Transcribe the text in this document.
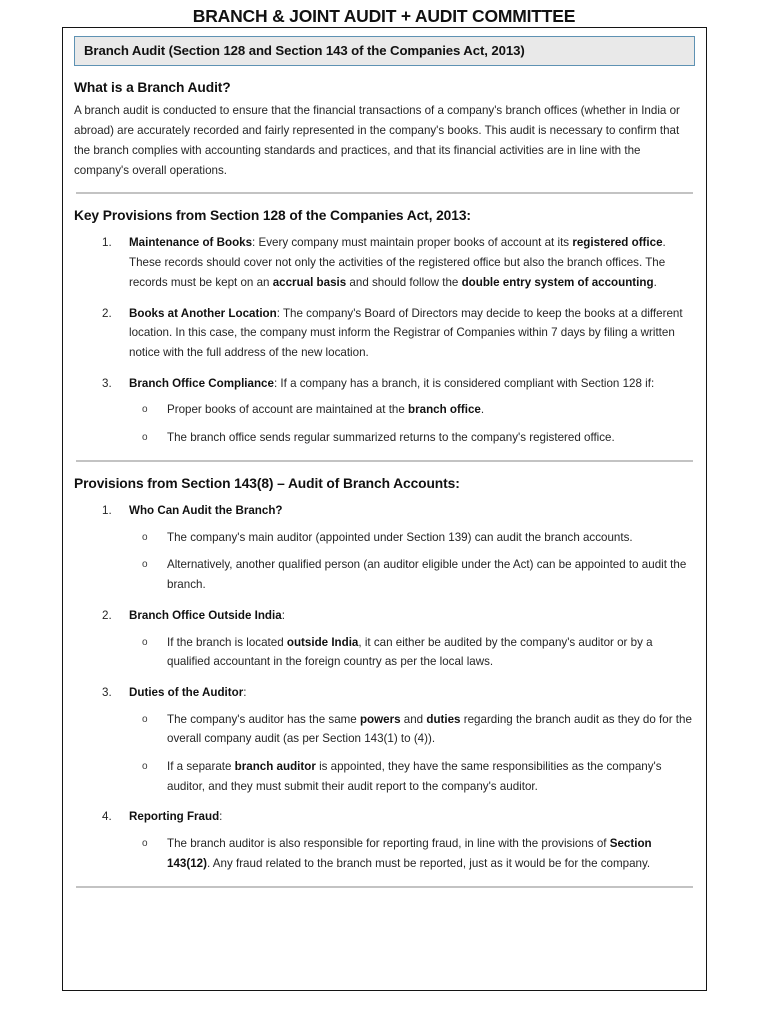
BRANCH & JOINT AUDIT + AUDIT COMMITTEE
Branch Audit (Section 128 and Section 143 of the Companies Act, 2013)
What is a Branch Audit?

A branch audit is conducted to ensure that the financial transactions of a company's branch offices (whether in India or abroad) are accurately recorded and fairly represented in the company's books. This audit is necessary to confirm that the branch complies with accounting standards and practices, and that its financial activities are in line with the company's overall operations.

Key Provisions from Section 128 of the Companies Act, 2013:
1.	Maintenance of Books: Every company must maintain proper books of account at its registered office. These records should cover not only the activities of the registered office but also the branch offices. The records must be kept on an accrual basis and should follow the double entry system of accounting.
2.	Books at Another Location: The company's Board of Directors may decide to keep the books at a different location. In this case, the company must inform the Registrar of Companies within 7 days by filing a written notice with the full address of the new location.
3.	Branch Office Compliance: If a company has a branch, it is considered compliant with Section 128 if:
o Proper books of account are maintained at the branch office.
o The branch office sends regular summarized returns to the company's registered office.
Provisions from Section 143(8) – Audit of Branch Accounts:
1.	Who Can Audit the Branch?
o The company's main auditor (appointed under Section 139) can audit the branch accounts.
o Alternatively, another qualified person (an auditor eligible under the Act) can be appointed to audit the branch.
2.	Branch Office Outside India:
o If the branch is located outside India, it can either be audited by the company's auditor or by a qualified accountant in the foreign country as per the local laws.
3.	Duties of the Auditor:
o The company's auditor has the same powers and duties regarding the branch audit as they do for the overall company audit (as per Section 143(1) to (4)).
o If a separate branch auditor is appointed, they have the same responsibilities as the company's auditor, and they must submit their audit report to the company's auditor.
4.	Reporting Fraud:
o The branch auditor is also responsible for reporting fraud, in line with the provisions of Section 143(12). Any fraud related to the branch must be reported, just as it would be for the company.
